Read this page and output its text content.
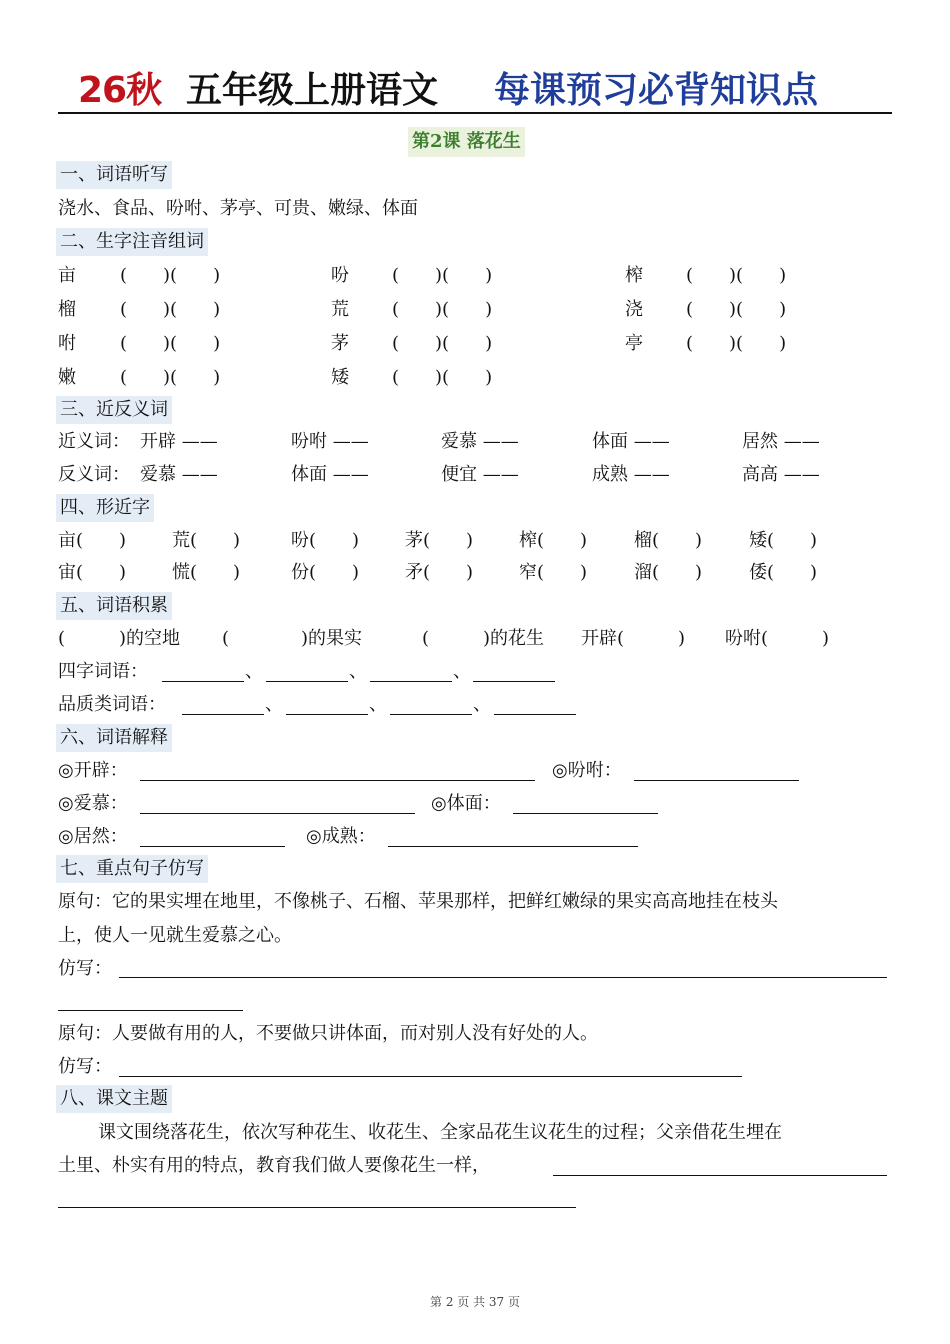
26秋 五年级上册语文 每课预习必背知识点
第2课 落花生
一、词语听写
浇水、食品、吩咐、茅亭、可贵、嫩绿、体面
二、生字注音组词
亩 (　　)(　　)	吩 (　　)(　　)	榨 (　　)(　　)
榴 (　　)(　　)	荒 (　　)(　　)	浇 (　　)(　　)
咐 (　　)(　　)	茅 (　　)(　　)	亭 (　　)(　　)
嫩 (　　)(　　)	矮 (　　)(　　)
三、近反义词
近义词： 开辟 ——	吩咐 ——	爱慕 ——	体面 ——	居然 ——
反义词： 爱慕 ——	体面 ——	便宜 ——	成熟 ——	高高 ——
四、形近字
亩(　　)	荒(　　)	吩(　　)	茅(　　)	榨(　　)	榴(　　)	矮(　　)
宙(　　)	慌(　　)	份(　　)	矛(　　)	窄(　　)	溜(　　)	倭(　　)
五、词语积累
(　　　)的空地 (　　　　)的果实	(　　　)的花生 开辟(　　　) 吩咐(　　　)
四字词语：	、	、	、
品质类词语：	、	、	、
六、词语解释
◎开辟：	◎吩咐：
◎爱慕：	◎体面：
◎居然：	◎成熟：
七、重点句子仿写
原句：它的果实埋在地里，不像桃子、石榴、苹果那样，把鲜红嫩绿的果实高高地挂在枝头
上，使人一见就生爱慕之心。
仿写：
原句：人要做有用的人，不要做只讲体面，而对别人没有好处的人。
仿写：
八、课文主题
课文围绕落花生，依次写种花生、收花生、全家品花生议花生的过程；父亲借花生埋在
土里、朴实有用的特点，教育我们做人要像花生一样，
第 2 页 共 37 页
